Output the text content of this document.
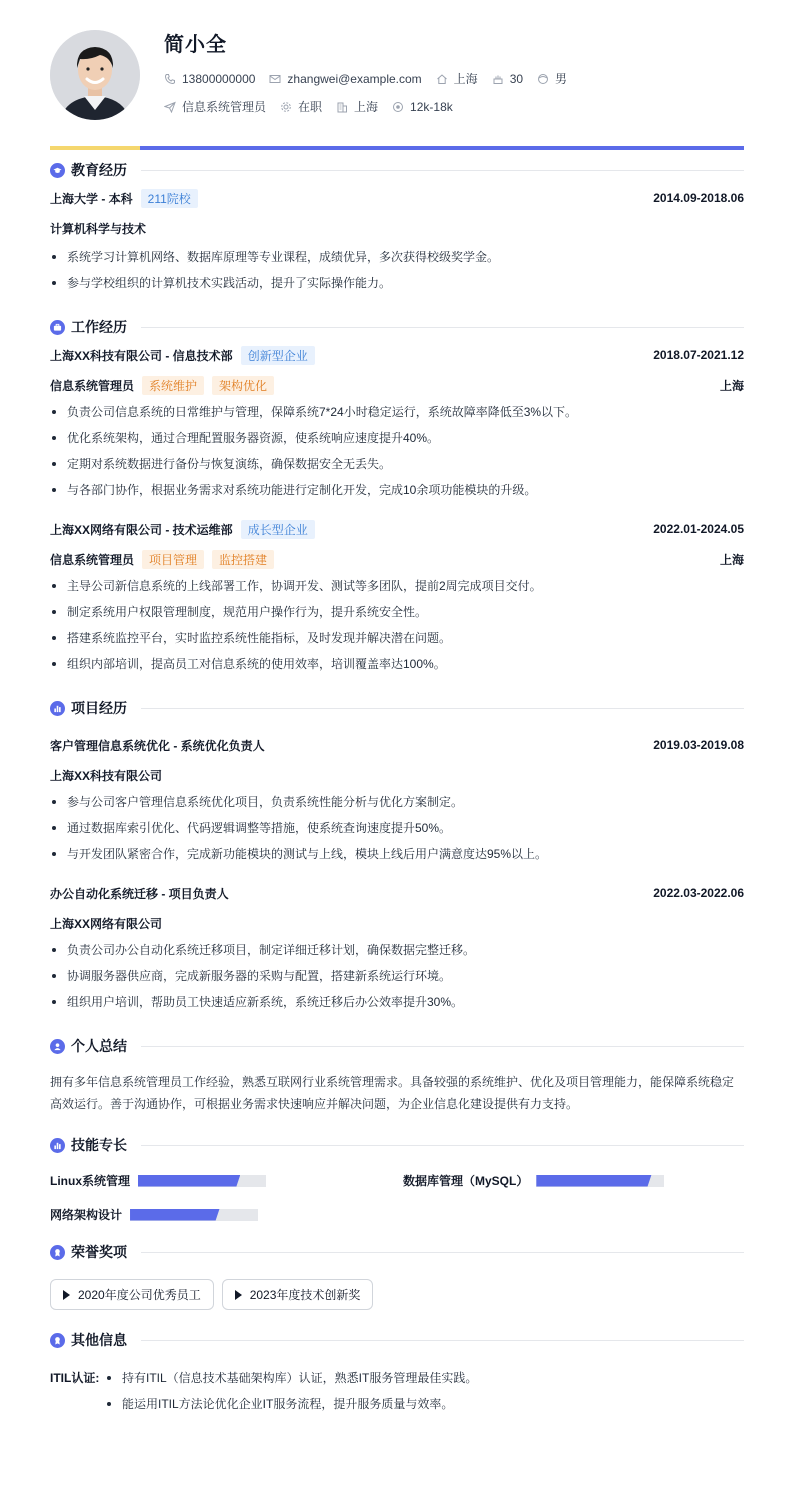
简小全
13800000000	zhangwei@example.com	上海	30	男
信息系统管理员	在职	上海	12k-18k
教育经历
上海大学 - 本科	211院校	2014.09-2018.06
计算机科学与技术
系统学习计算机网络、数据库原理等专业课程，成绩优异，多次获得校级奖学金。
参与学校组织的计算机技术实践活动，提升了实际操作能力。
工作经历
上海XX科技有限公司 - 信息技术部	创新型企业	2018.07-2021.12
信息系统管理员	系统维护	架构优化	上海
负责公司信息系统的日常维护与管理，保障系统7*24小时稳定运行，系统故障率降低至3%以下。
优化系统架构，通过合理配置服务器资源，使系统响应速度提升40%。
定期对系统数据进行备份与恢复演练，确保数据安全无丢失。
与各部门协作，根据业务需求对系统功能进行定制化开发，完成10余项功能模块的升级。
上海XX网络有限公司 - 技术运维部	成长型企业	2022.01-2024.05
信息系统管理员	项目管理	监控搭建	上海
主导公司新信息系统的上线部署工作，协调开发、测试等多团队，提前2周完成项目交付。
制定系统用户权限管理制度，规范用户操作行为，提升系统安全性。
搭建系统监控平台，实时监控系统性能指标，及时发现并解决潜在问题。
组织内部培训，提高员工对信息系统的使用效率，培训覆盖率达100%。
项目经历
客户管理信息系统优化 - 系统优化负责人	2019.03-2019.08
上海XX科技有限公司
参与公司客户管理信息系统优化项目，负责系统性能分析与优化方案制定。
通过数据库索引优化、代码逻辑调整等措施，使系统查询速度提升50%。
与开发团队紧密合作，完成新功能模块的测试与上线，模块上线后用户满意度达95%以上。
办公自动化系统迁移 - 项目负责人	2022.03-2022.06
上海XX网络有限公司
负责公司办公自动化系统迁移项目，制定详细迁移计划，确保数据完整迁移。
协调服务器供应商，完成新服务器的采购与配置，搭建新系统运行环境。
组织用户培训，帮助员工快速适应新系统，系统迁移后办公效率提升30%。
个人总结
拥有多年信息系统管理员工作经验，熟悉互联网行业系统管理需求。具备较强的系统维护、优化及项目管理能力，能保障系统稳定高效运行。善于沟通协作，可根据业务需求快速响应并解决问题，为企业信息化建设提供有力支持。
技能专长
Linux系统管理	数据库管理（MySQL）
网络架构设计
荣誉奖项
2020年度公司优秀员工	2023年度技术创新奖
其他信息
ITIL认证:	持有ITIL（信息技术基础架构库）认证，熟悉IT服务管理最佳实践。
能运用ITIL方法论优化企业IT服务流程，提升服务质量与效率。
